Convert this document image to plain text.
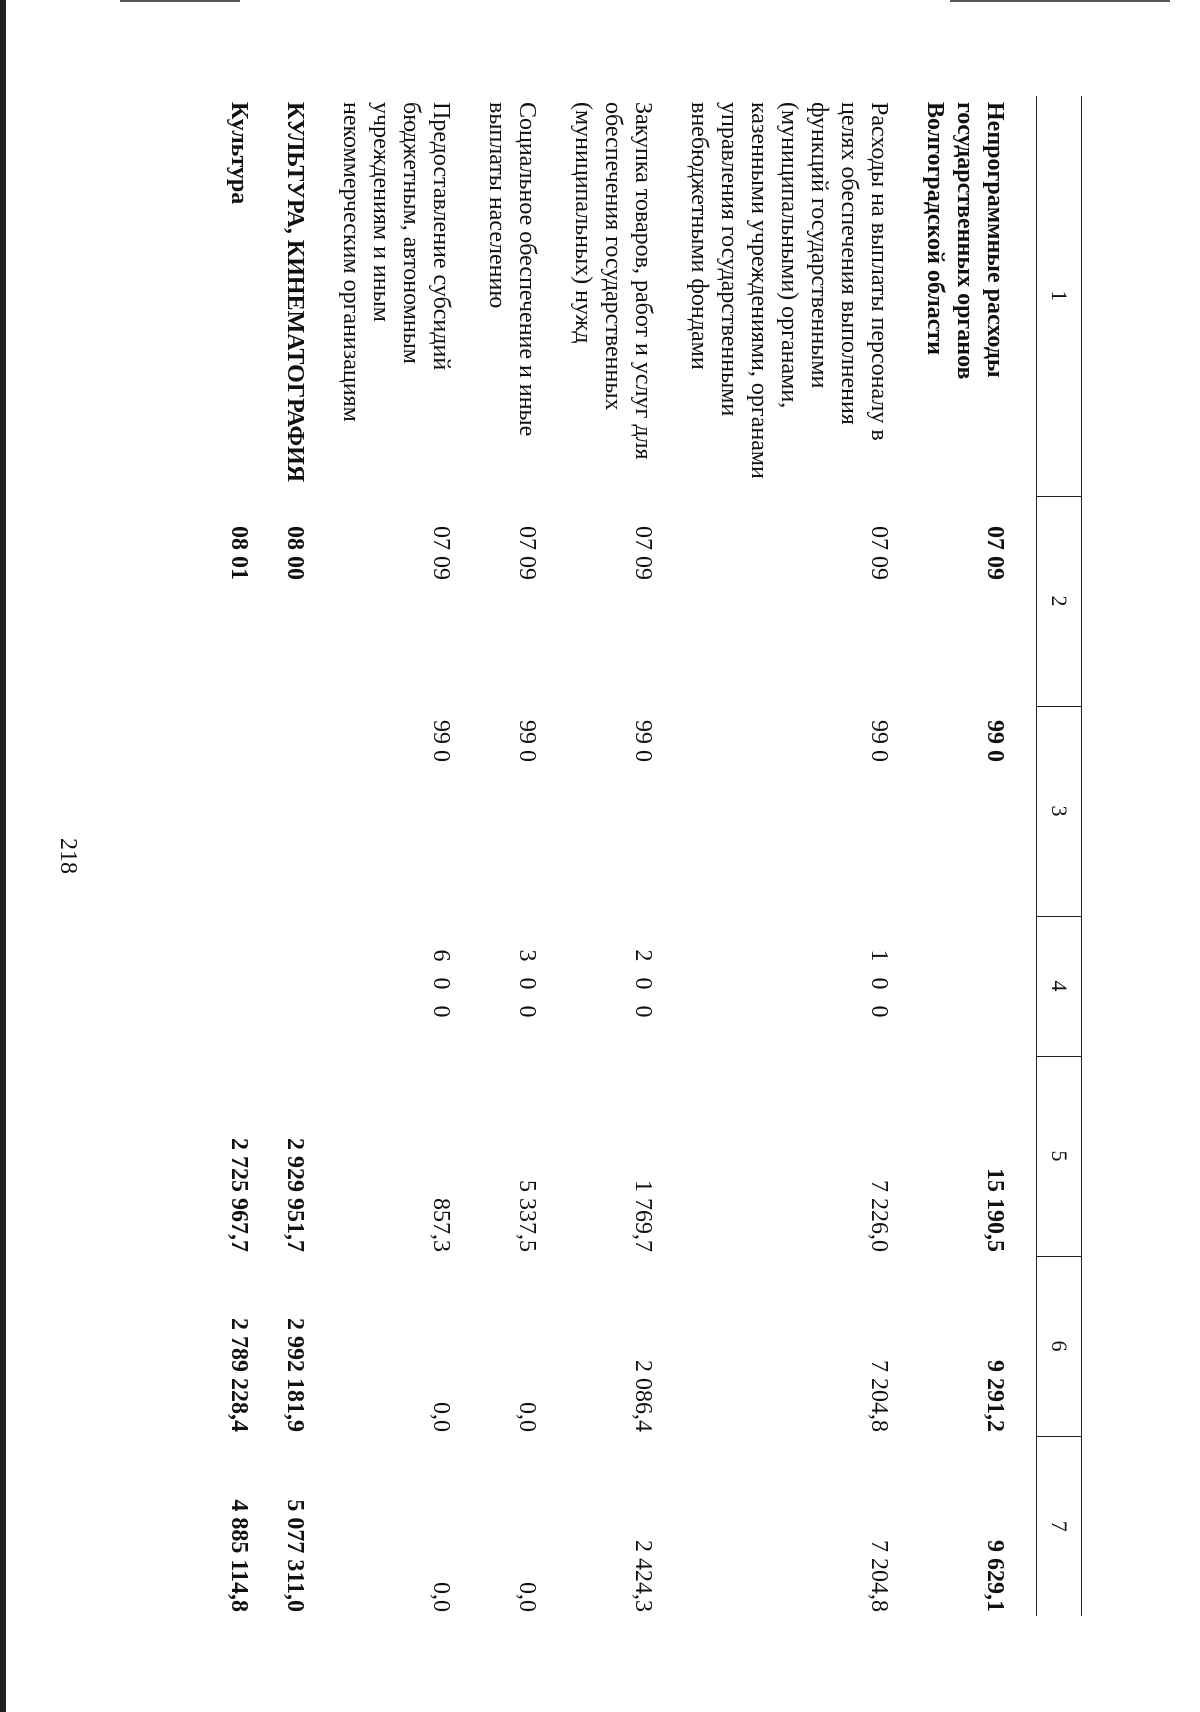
218
1	2	3	4	5	6	7
Непрограммные расходы государственных органов Волгоградской области	07 09	99 0		15 190,5	9 291,2	9 629,1
Расходы на выплаты персоналу в целях обеспечения выполнения функций государственными (муниципальными) органами, казенными учреждениями, органами управления государственными внебюджетными фондами	07 09	99 0	1 0 0	7 226,0	7 204,8	7 204,8
Закупка товаров, работ и услуг для обеспечения государственных (муниципальных) нужд	07 09	99 0	2 0 0	1 769,7	2 086,4	2 424,3
Социальное обеспечение и иные выплаты населению	07 09	99 0	3 0 0	5 337,5	0,0	0,0
Предоставление субсидий бюджетным, автономным учреждениям и иным некоммерческим организациям	07 09	99 0	6 0 0	857,3	0,0	0,0
КУЛЬТУРА, КИНЕМАТОГРАФИЯ	08 00			2 929 951,7	2 992 181,9	5 077 311,0
Культура	08 01			2 725 967,7	2 789 228,4	4 885 114,8
